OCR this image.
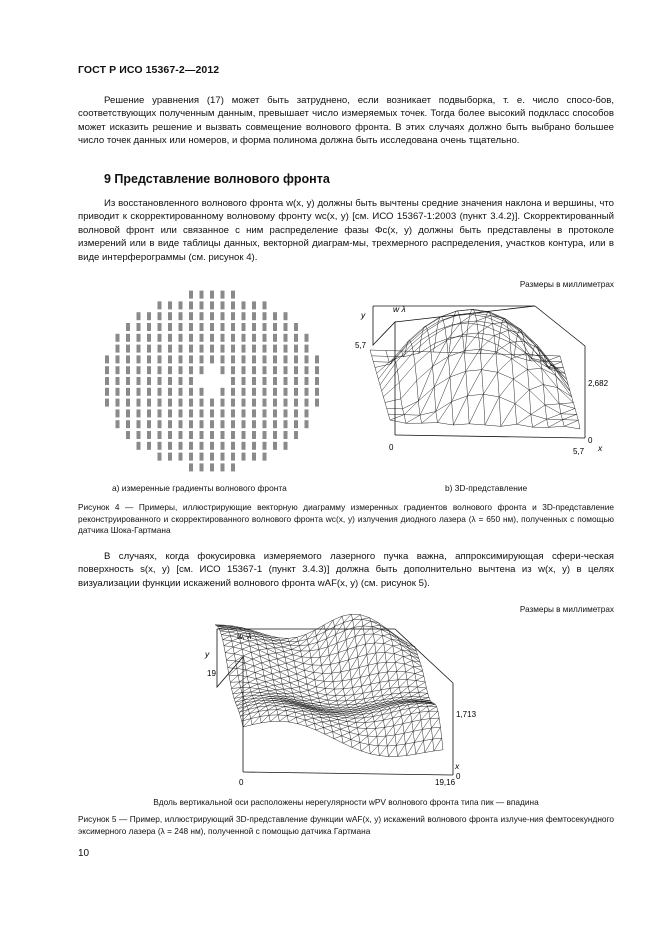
ГОСТ Р ИСО 15367-2—2012
Решение уравнения (17) может быть затруднено, если возникает подвыборка, т. е. число спосо-бов, соответствующих полученным данным, превышает число измеряемых точек. Тогда более высокий подкласс способов может исказить решение и вызвать совмещение волнового фронта. В этих случаях должно быть выбрано большее число точек данных или номеров, и форма полинома должна быть исследована очень тщательно.
9 Представление волнового фронта
Из восстановленного волнового фронта w(x, y) должны быть вычтены средние значения наклона и вершины, что приводит к скорректированному волновому фронту wc(x, y) [см. ИСО 15367-1:2003 (пункт 3.4.2)]. Скорректированный волновой фронт или связанное с ним распределение фазы Φc(x, y) должны быть представлены в протоколе измерений или в виде таблицы данных, векторной диаграм-мы, трехмерного распределения, участков контура, или в виде интерферограммы (см. рисунок 4).
Размеры в миллиметрах
y
w λ
5,7
2,682
0
0
5,7 x
а) измеренные градиенты волнового фронта	b) 3D-представление
Рисунок 4 — Примеры, иллюстрирующие векторную диаграмму измеренных градиентов волнового фронта и 3D-представление реконструированного и скорректированного волнового фронта wc(x, y) излучения диодного лазера (λ = 650 нм), полученных с помощью датчика Шока-Гартмана
В случаях, когда фокусировка измеряемого лазерного пучка важна, аппроксимирующая сфери-ческая поверхность s(x, y) [см. ИСО 15367-1 (пункт 3.4.3)] должна быть дополнительно вычтена из w(x, y) в целях визуализации функции искажений волнового фронта wAF(x, y) (см. рисунок 5).
Размеры в миллиметрах
w, λ
y
19
1,713
0	19,16
0
x
Вдоль вертикальной оси расположены нерегулярности wPV волнового фронта типа пик — впадина
Рисунок 5 — Пример, иллюстрирующий 3D-представление функции wAF(x, y) искажений волнового фронта излуче-ния фемтосекундного эксимерного лазера (λ = 248 нм), полученной с помощью датчика Гартмана
10
